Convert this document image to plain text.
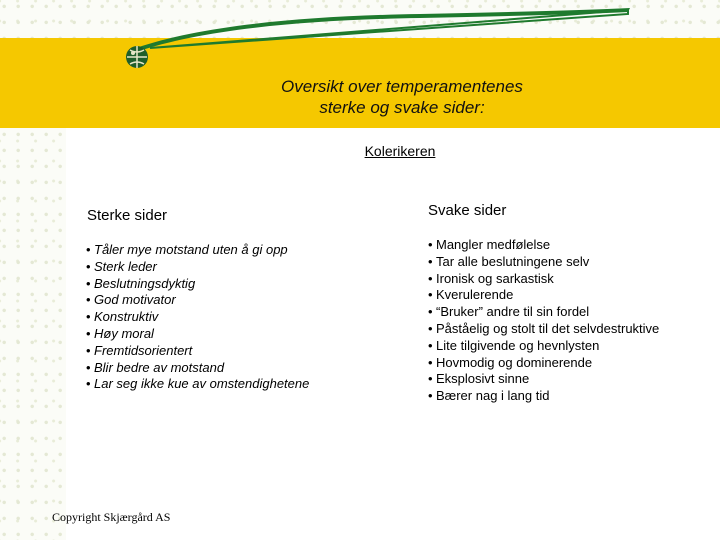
Oversikt over temperamentenes
sterke og svake sider:
Kolerikeren
Sterke sider	Svake sider
• Tåler mye motstand uten å gi opp
• Sterk leder
• Beslutningsdyktig
• God motivator
• Konstruktiv
• Høy moral
• Fremtidsorientert
• Blir bedre av motstand
• Lar seg ikke kue av omstendighetene
• Mangler medfølelse
• Tar alle beslutningene selv
• Ironisk og sarkastisk
• Kverulerende
• “Bruker” andre til sin fordel
• Påståelig og stolt til det selvdestruktive
• Lite tilgivende og hevnlysten
• Hovmodig og dominerende
• Eksplosivt sinne
• Bærer nag i lang tid
Copyright Skjærgård AS
